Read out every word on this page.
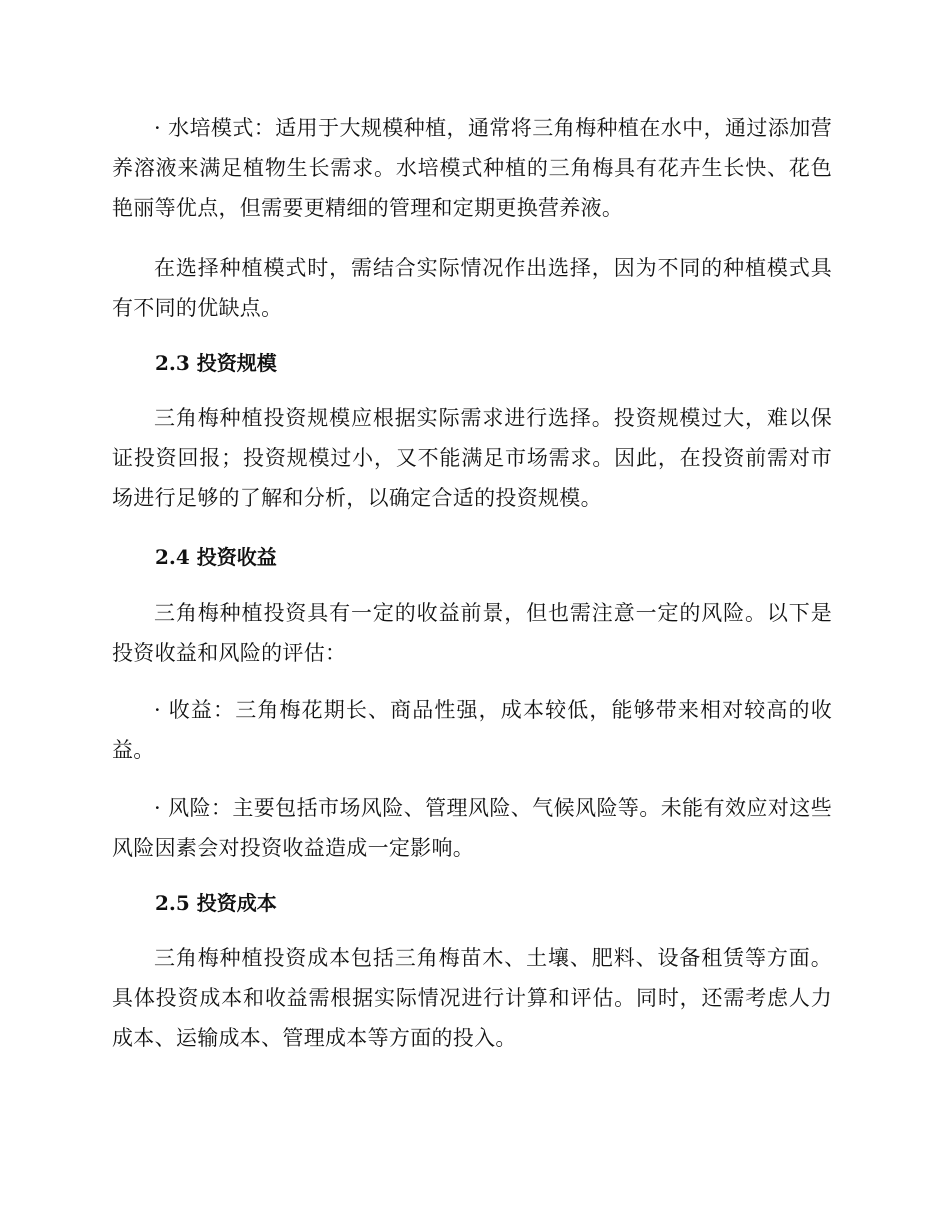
· 水培模式：适用于大规模种植，通常将三角梅种植在水中，通过添加营养溶液来满足植物生长需求。水培模式种植的三角梅具有花卉生长快、花色艳丽等优点，但需要更精细的管理和定期更换营养液。

在选择种植模式时，需结合实际情况作出选择，因为不同的种植模式具有不同的优缺点。

2.3 投资规模

三角梅种植投资规模应根据实际需求进行选择。投资规模过大，难以保证投资回报；投资规模过小，又不能满足市场需求。因此，在投资前需对市场进行足够的了解和分析，以确定合适的投资规模。

2.4 投资收益

三角梅种植投资具有一定的收益前景，但也需注意一定的风险。以下是投资收益和风险的评估：

· 收益：三角梅花期长、商品性强，成本较低，能够带来相对较高的收益。

· 风险：主要包括市场风险、管理风险、气候风险等。未能有效应对这些风险因素会对投资收益造成一定影响。

2.5 投资成本

三角梅种植投资成本包括三角梅苗木、土壤、肥料、设备租赁等方面。具体投资成本和收益需根据实际情况进行计算和评估。同时，还需考虑人力成本、运输成本、管理成本等方面的投入。
